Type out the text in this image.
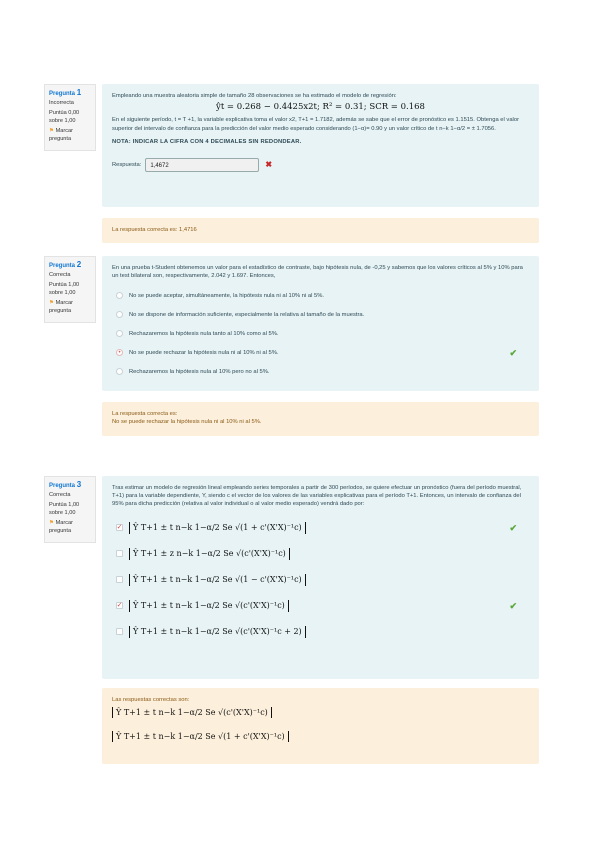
Pregunta 1
Incorrecta
Puntúa 0,00 sobre 1,00
⚑ Marcar pregunta
Empleando una muestra aleatoria simple de tamaño 28 observaciones se ha estimado el modelo de regresión:
ŷt = 0.268 − 0.4425x2t; R² = 0.31; SCR = 0.168
En el siguiente período, t = T +1, la variable explicativa toma el valor x2, T+1 = 1.7182, además se sabe que el error de pronóstico es 1.1515. Obtenga el valor superior del intervalo de confianza para la predicción del valor medio esperado considerando (1−α)= 0.90 y un valor crítico de t n−k 1−α/2 = ± 1.7056.
NOTA: INDICAR LA CIFRA CON 4 DECIMALES SIN REDONDEAR.
Respuesta:	1,4672	✖
La respuesta correcta es: 1,4716
Pregunta 2
Correcta
Puntúa 1,00 sobre 1,00
⚑ Marcar pregunta
En una prueba t-Student obtenemos un valor para el estadístico de contraste, bajo hipótesis nula, de -0,25 y sabemos que los valores críticos al 5% y 10% para un test bilateral son, respectivamente, 2.042 y 1.697. Entonces,
No se puede aceptar, simultáneamente, la hipótesis nula ni al 10% ni al 5%.
No se dispone de información suficiente, especialmente la relativa al tamaño de la muestra.
Rechazaremos la hipótesis nula tanto al 10% como al 5%.
•	No se puede rechazar la hipótesis nula ni al 10% ni al 5%.	✔
Rechazaremos la hipótesis nula al 10% pero no al 5%.
La respuesta correcta es:
No se puede rechazar la hipótesis nula ni al 10% ni al 5%.
Pregunta 3
Correcta
Puntúa 1,00 sobre 1,00
⚑ Marcar pregunta
Tras estimar un modelo de regresión lineal empleando series temporales a partir de 300 períodos, se quiere efectuar un pronóstico (fuera del período muestral, T+1) para la variable dependiente, Y, siendo c el vector de los valores de las variables explicativas para el período T+1. Entonces, un intervalo de confianza del 95% para dicha predicción (relativa al valor individual o al valor medio esperado) vendrá dado por:
✓	Ŷ T+1 ± t n−k 1−α/2 Se √(1 + c'(X'X)⁻¹c)	✔
Ŷ T+1 ± z n−k 1−α/2 Se √(c'(X'X)⁻¹c)
Ŷ T+1 ± t n−k 1−α/2 Se √(1 − c'(X'X)⁻¹c)
✓	Ŷ T+1 ± t n−k 1−α/2 Se √(c'(X'X)⁻¹c)	✔
Ŷ T+1 ± t n−k 1−α/2 Se √(c'(X'X)⁻¹c + 2)
Las respuestas correctas son:
Ŷ T+1 ± t n−k 1−α/2 Se √(c'(X'X)⁻¹c)
Ŷ T+1 ± t n−k 1−α/2 Se √(1 + c'(X'X)⁻¹c)
